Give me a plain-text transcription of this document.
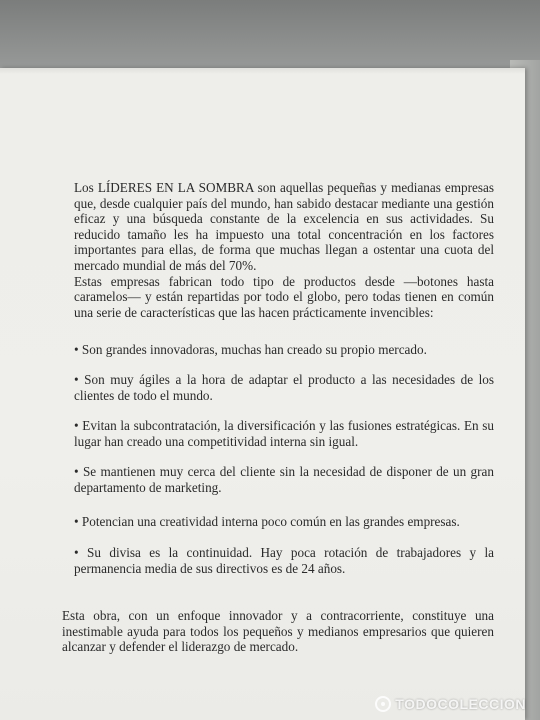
Los LÍDERES EN LA SOMBRA son aquellas pequeñas y medianas empresas que, desde cualquier país del mundo, han sabido destacar mediante una gestión eficaz y una búsqueda constante de la excelencia en sus actividades. Su reducido tamaño les ha impuesto una total concentración en los factores importantes para ellas, de forma que muchas llegan a ostentar una cuota del mercado mundial de más del 70%.

Estas empresas fabrican todo tipo de productos desde —botones hasta caramelos— y están repartidas por todo el globo, pero todas tienen en común una serie de características que las hacen prácticamente invencibles:

• Son grandes innovadoras, muchas han creado su propio mercado.
• Son muy ágiles a la hora de adaptar el producto a las necesidades de los clientes de todo el mundo.
• Evitan la subcontratación, la diversificación y las fusiones estratégicas. En su lugar han creado una competitividad interna sin igual.
• Se mantienen muy cerca del cliente sin la necesidad de disponer de un gran departamento de marketing.
• Potencian una creatividad interna poco común en las grandes empresas.
• Su divisa es la continuidad. Hay poca rotación de trabajadores y la permanencia media de sus directivos es de 24 años.
Esta obra, con un enfoque innovador y a contracorriente, constituye una inestimable ayuda para todos los pequeños y medianos empresarios que quieren alcanzar y defender el liderazgo de mercado.
TODOCOLECCION
